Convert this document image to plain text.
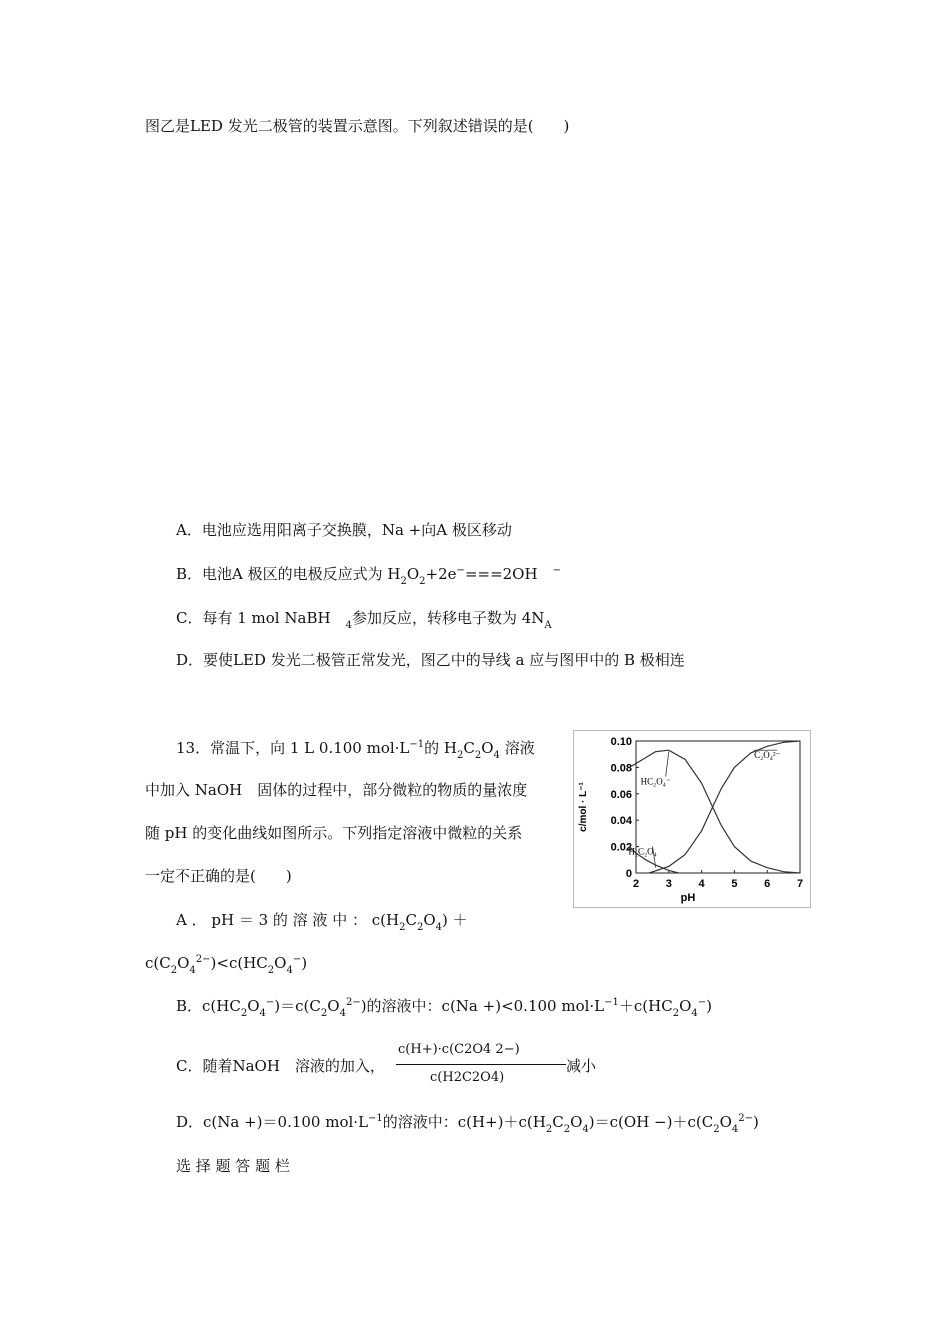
图乙是LED 发光二极管的装置示意图。下列叙述错误的是(　　)
A．电池应选用阳离子交换膜，Na +向A 极区移动
B．电池A 极区的电极反应式为 $H_2O_2+2e^-===2OH$　 −
C．每有 1 mol NaBH　 $_4$参加反应，转移电子数为 $4N_A$
D．要使LED 发光二极管正常发光，图乙中的导线 a 应与图甲中的 B 极相连
13．常温下，向 1 L 0.100 $mol\cdot L^{-1}$的 $H_2C_2O_4$ 溶液
中加入 NaOH　固体的过程中，部分微粒的物质的量浓度
随 pH 的变化曲线如图所示。下列指定溶液中微粒的关系
一定不正确的是(　　)	2 3 4 5 6 7
0
0.02
0.04
0.06
0.08
0.10
pH
c/mol · L⁻¹
HC₂O₄⁻
C₂O₄²⁻
H₂C₂O₄
A ． pH ＝ 3 的 溶 液 中 ： $c(H_2C_2O_4)$ ＋
$c(C_2O_4^{2-})<c(HC_2O_4^-)$
B．$c(HC_2O_4^-)=c(C_2O_4^{2-})$的溶液中：c(Na +)<0.100 $mol\cdot L^{-1}+c(HC_2O_4^-)$
C．随着NaOH　溶液的加入，
c(H+)·c(C2O4 2−)
c(H2C2O4)
减小
D．c(Na +)＝0.100 $mol\cdot L^{-1}$的溶液中：$c(H+)+c(H_2C_2O_4)=c(OH -)+c(C_2O_4^{2-})$
选 择 题 答 题 栏
